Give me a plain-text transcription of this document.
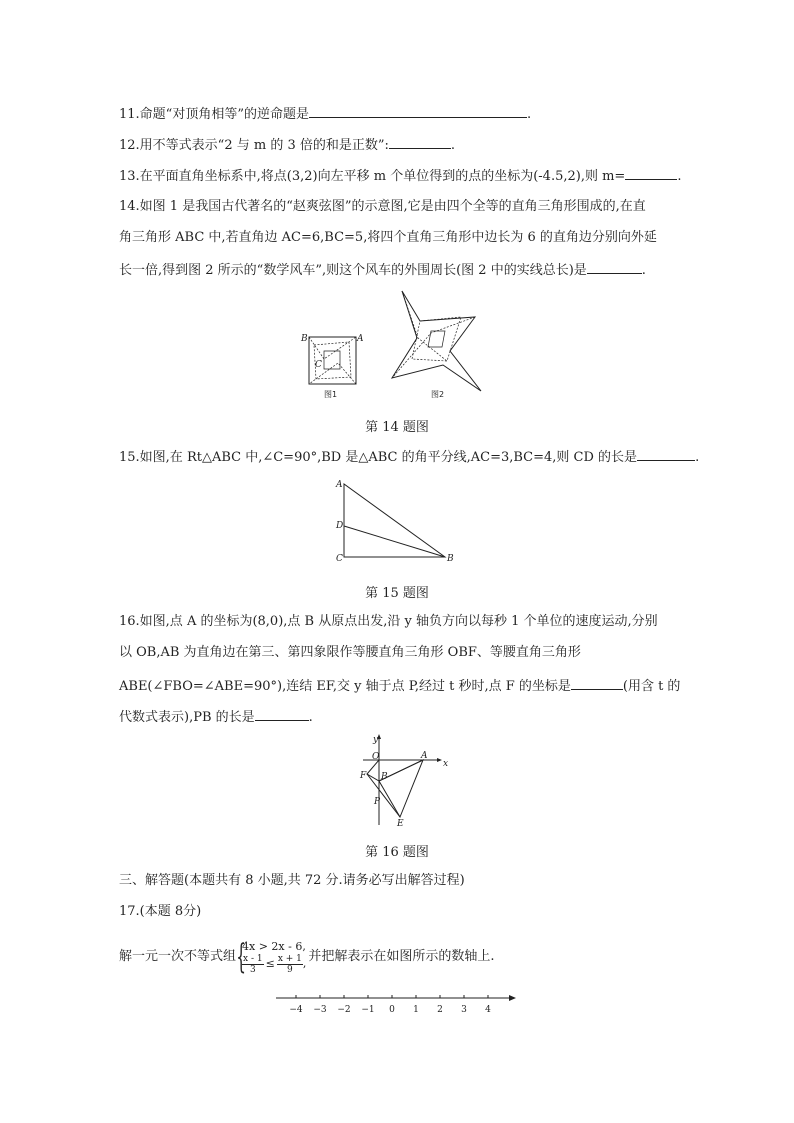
11.命题“对顶角相等”的逆命题是	.
12.用不等式表示“2 与 m 的 3 倍的和是正数”:	.
13.在平面直角坐标系中,将点(3,2)向左平移 m 个单位得到的点的坐标为(-4.5,2),则 m=	.
14.如图 1 是我国古代著名的“赵爽弦图”的示意图,它是由四个全等的直角三角形围成的,在直
角三角形 ABC 中,若直角边 AC=6,BC=5,将四个直角三角形中边长为 6 的直角边分别向外延
长一倍,得到图 2 所示的“数学风车”,则这个风车的外围周长(图 2 中的实线总长)是	.
B	A
C
图1	图2
第 14 题图
15.如图,在 Rt△ABC 中,∠C=90°,BD 是△ABC 的角平分线,AC=3,BC=4,则 CD 的长是	.
A
D
C	B
第 15 题图
16.如图,点 A 的坐标为(8,0),点 B 从原点出发,沿 y 轴负方向以每秒 1 个单位的速度运动,分别
以 OB,AB 为直角边在第三、第四象限作等腰直角三角形 OBF、等腰直角三角形
ABE(∠FBO=∠ABE=90°),连结 EF,交 y 轴于点 P,经过 t 秒时,点 F 的坐标是	(用含 t 的
代数式表示),PB 的长是	.
y
x
O	A
B
F
P
E
第 16 题图
三、解答题(本题共有 8 小题,共 72 分.请务必写出解答过程)
17.(本题 8分)
解一元一次不等式组 {
4x > 2x - 6,
$\frac{x - 1}{3} \le \frac{x + 1}{9}$ , 并把解表示在如图所示的数轴上.
−4 −3 −2 −1 0 1 2 3 4
